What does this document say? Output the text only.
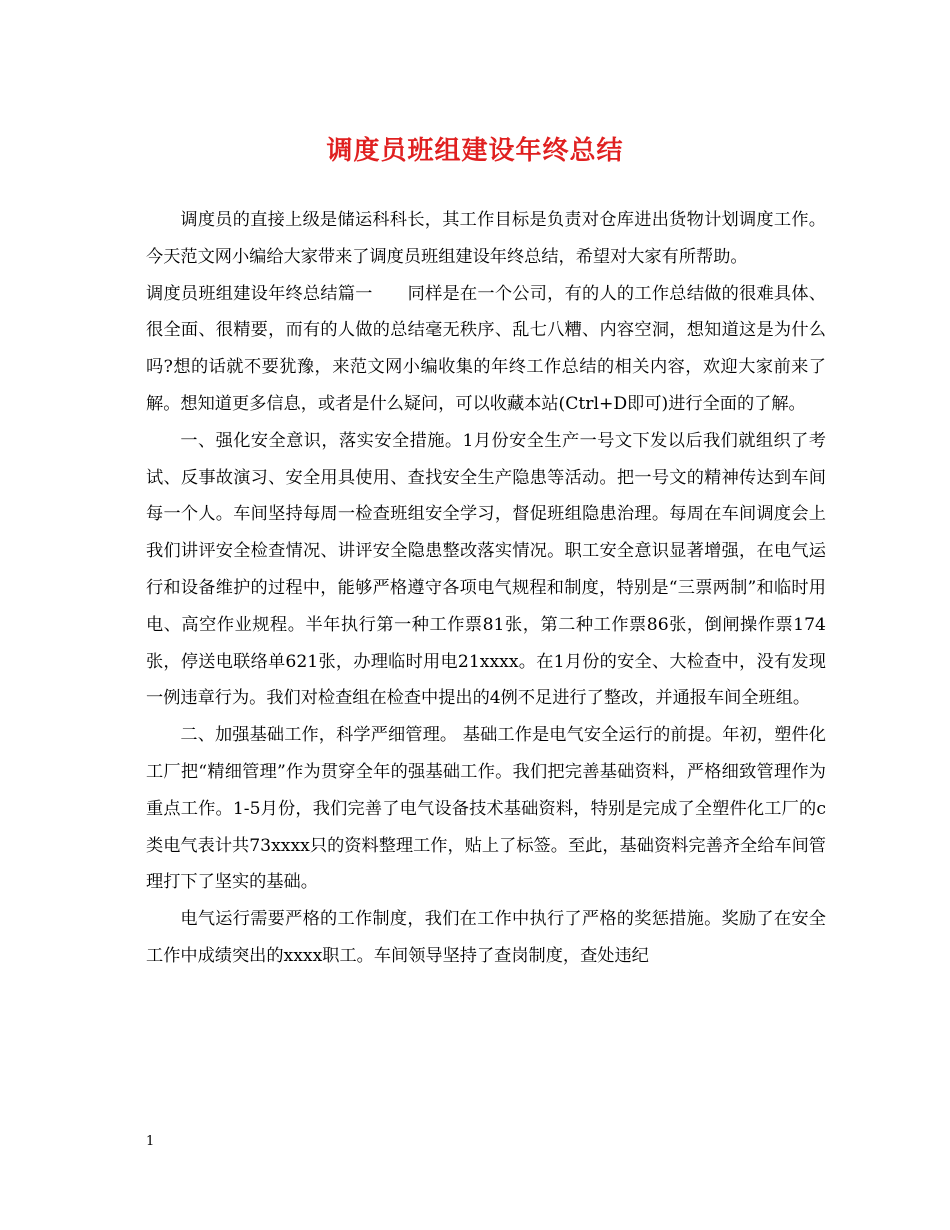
调度员班组建设年终总结

调度员的直接上级是储运科科长，其工作目标是负责对仓库进出货物计划调度工作。今天范文网小编给大家带来了调度员班组建设年终总结，希望对大家有所帮助。

调度员班组建设年终总结篇一　　同样是在一个公司，有的人的工作总结做的很难具体、很全面、很精要，而有的人做的总结毫无秩序、乱七八糟、内容空洞，想知道这是为什么吗?想的话就不要犹豫，来范文网小编收集的年终工作总结的相关内容，欢迎大家前来了解。想知道更多信息，或者是什么疑问，可以收藏本站(Ctrl+D即可)进行全面的了解。

一、强化安全意识，落实安全措施。1月份安全生产一号文下发以后我们就组织了考试、反事故演习、安全用具使用、查找安全生产隐患等活动。把一号文的精神传达到车间每一个人。车间坚持每周一检查班组安全学习，督促班组隐患治理。每周在车间调度会上我们讲评安全检查情况、讲评安全隐患整改落实情况。职工安全意识显著增强，在电气运行和设备维护的过程中，能够严格遵守各项电气规程和制度，特别是“三票两制”和临时用电、高空作业规程。半年执行第一种工作票81张，第二种工作票86张，倒闸操作票174张，停送电联络单621张，办理临时用电21xxxx。在1月份的安全、大检查中，没有发现一例违章行为。我们对检查组在检查中提出的4例不足进行了整改，并通报车间全班组。

二、加强基础工作，科学严细管理。 基础工作是电气安全运行的前提。年初，塑件化工厂把“精细管理”作为贯穿全年的强基础工作。我们把完善基础资料，严格细致管理作为重点工作。1-5月份，我们完善了电气设备技术基础资料，特别是完成了全塑件化工厂的c类电气表计共73xxxx只的资料整理工作，贴上了标签。至此，基础资料完善齐全给车间管理打下了坚实的基础。

电气运行需要严格的工作制度，我们在工作中执行了严格的奖惩措施。奖励了在安全工作中成绩突出的xxxx职工。车间领导坚持了查岗制度，查处违纪

1
